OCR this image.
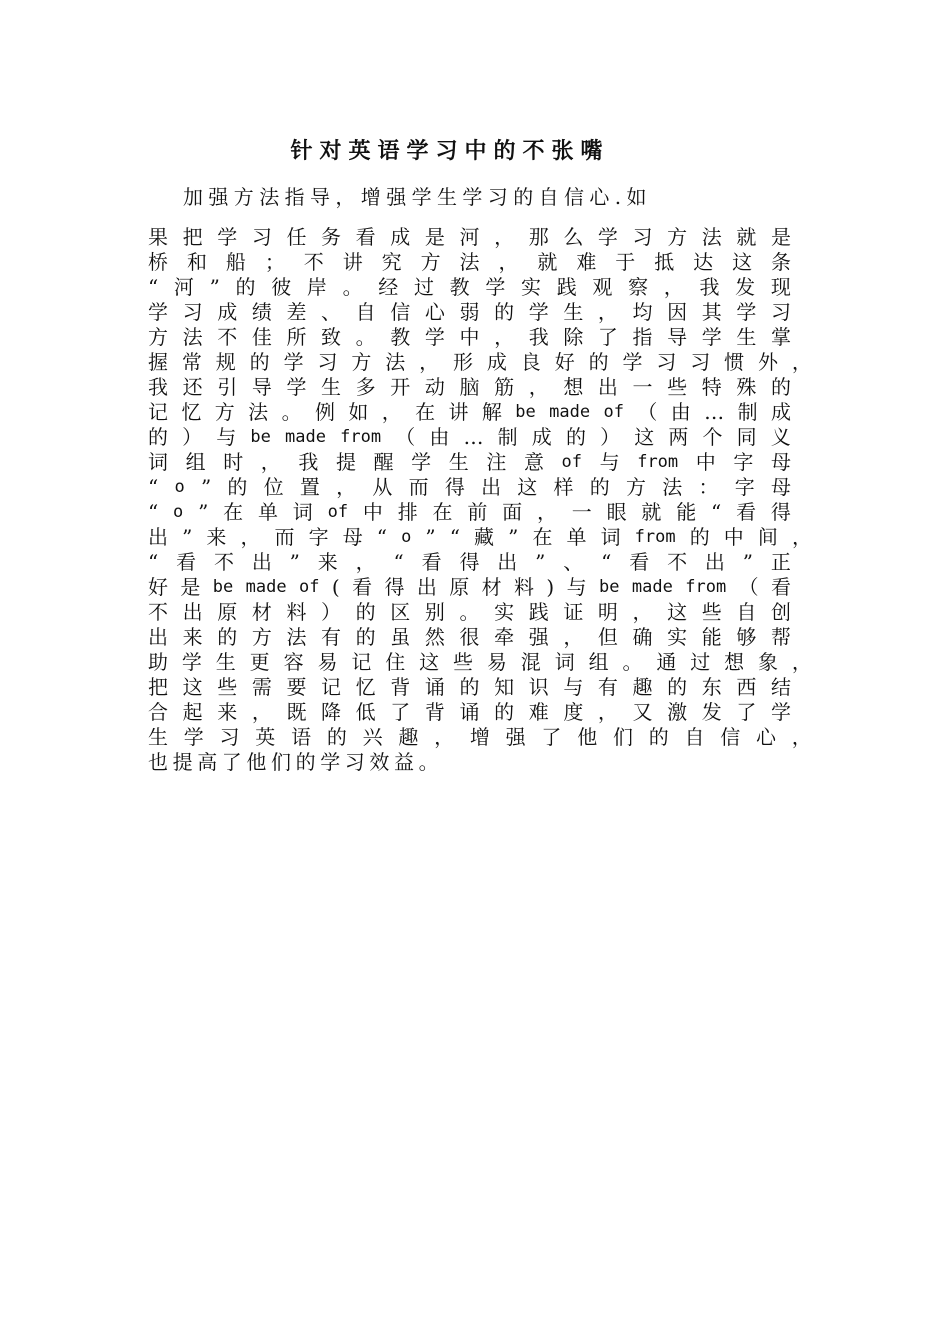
针对英语学习中的不张嘴

加强方法指导，增强学生学习的自信心.如

果 把 学 习 任 务 看 成 是 河 ， 那 么 学 习 方 法 就 是
桥 和 船 ； 不 讲 究 方 法 ， 就 难 于 抵 达 这 条
“ 河 ” 的 彼 岸 。 经 过 教 学 实 践 观 察 ， 我 发 现
学 习 成 绩 差 、 自 信 心 弱 的 学 生 ， 均 因 其 学 习
方 法 不 佳 所 致 。 教 学 中 ， 我 除 了 指 导 学 生 掌
握 常 规 的 学 习 方 法 ， 形 成 良 好 的 学 习 习 惯 外 ，
我 还 引 导 学 生 多 开 动 脑 筋 ， 想 出 一 些 特 殊 的
记 忆 方 法 。 例 如 ， 在 讲 解 be made of （ 由 … 制 成
的 ） 与 be made from （ 由 … 制 成 的 ） 这 两 个 同 义
词 组 时 ， 我 提 醒 学 生 注 意 of 与 from 中 字 母
“ o ” 的 位 置 ， 从 而 得 出 这 样 的 方 法 ： 字 母
“ o ” 在 单 词 of 中 排 在 前 面 ， 一 眼 就 能 “ 看 得
出 ” 来 ， 而 字 母 “ o ” “ 藏 ” 在 单 词 from 的 中 间 ，
“ 看 不 出 ” 来 ， “ 看 得 出 ” 、 “ 看 不 出 ” 正
好 是 be made of ( 看 得 出 原 材 料 ) 与 be made from （ 看
不 出 原 材 料 ） 的 区 别 。 实 践 证 明 ， 这 些 自 创
出 来 的 方 法 有 的 虽 然 很 牵 强 ， 但 确 实 能 够 帮
助 学 生 更 容 易 记 住 这 些 易 混 词 组 。 通 过 想 象 ，
把 这 些 需 要 记 忆 背 诵 的 知 识 与 有 趣 的 东 西 结
合 起 来 ， 既 降 低 了 背 诵 的 难 度 ， 又 激 发 了 学
生 学 习 英 语 的 兴 趣 ， 增 强 了 他 们 的 自 信 心 ，
也提高了他们的学习效益。
